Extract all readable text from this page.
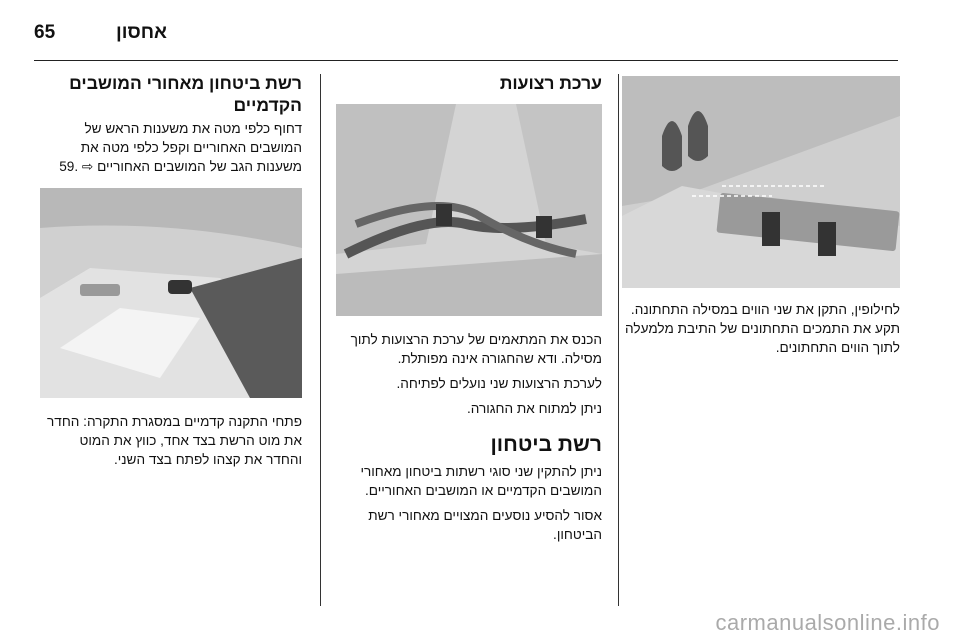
65	אחסון

לחילופין, התקן את שני הווים במסילה התחתונה. תקע את התמכים התחתונים של התיבת מלמעלה לתוך הווים התחתונים.

ערכת רצועות

הכנס את המתאמים של ערכת הרצועות לתוך מסילה. ודא שהחגורה אינה מפותלת.

לערכת הרצועות שני נועלים לפתיחה.

ניתן למתוח את החגורה.

רשת ביטחון

ניתן להתקין שני סוגי רשתות ביטחון מאחורי המושבים הקדמיים או המושבים האחוריים.

אסור להסיע נוסעים המצויים מאחורי רשת הביטחון.

רשת ביטחון מאחורי המושבים הקדמיים

דחוף כלפי מטה את משענות הראש של המושבים האחוריים וקפל כלפי מטה את משענות הגב של המושבים האחוריים ⇨ .59

פתחי התקנה קדמיים במסגרת התקרה: החדר את מוט הרשת בצד אחד, כווץ את המוט והחדר את קצהו לפתח בצד השני.

carmanualsonline.info
